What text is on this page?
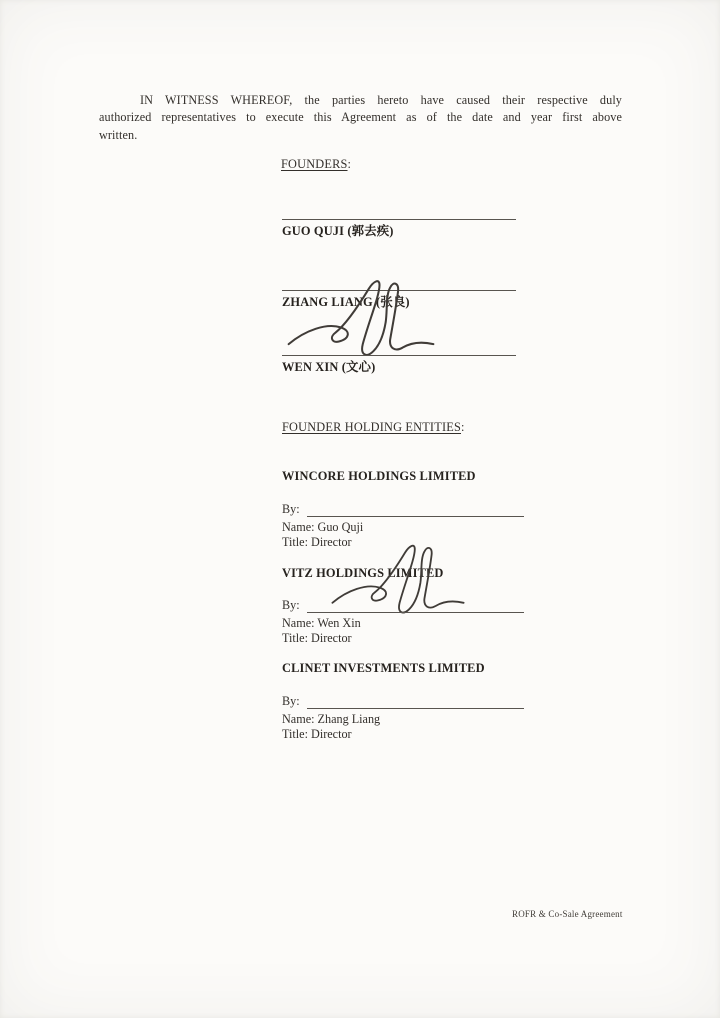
IN WITNESS WHEREOF, the parties hereto have caused their respective duly
authorized representatives to execute this Agreement as of the date and year first above
written.
FOUNDERS:
GUO QUJI (郭去疾)
ZHANG LIANG (张良)
WEN XIN (文心)
FOUNDER HOLDING ENTITIES:
WINCORE HOLDINGS LIMITED
By:
Name: Guo Quji
Title: Director
VITZ HOLDINGS LIMITED
By:
Name: Wen Xin
Title: Director
CLINET INVESTMENTS LIMITED
By:
Name: Zhang Liang
Title: Director
ROFR & Co-Sale Agreement
